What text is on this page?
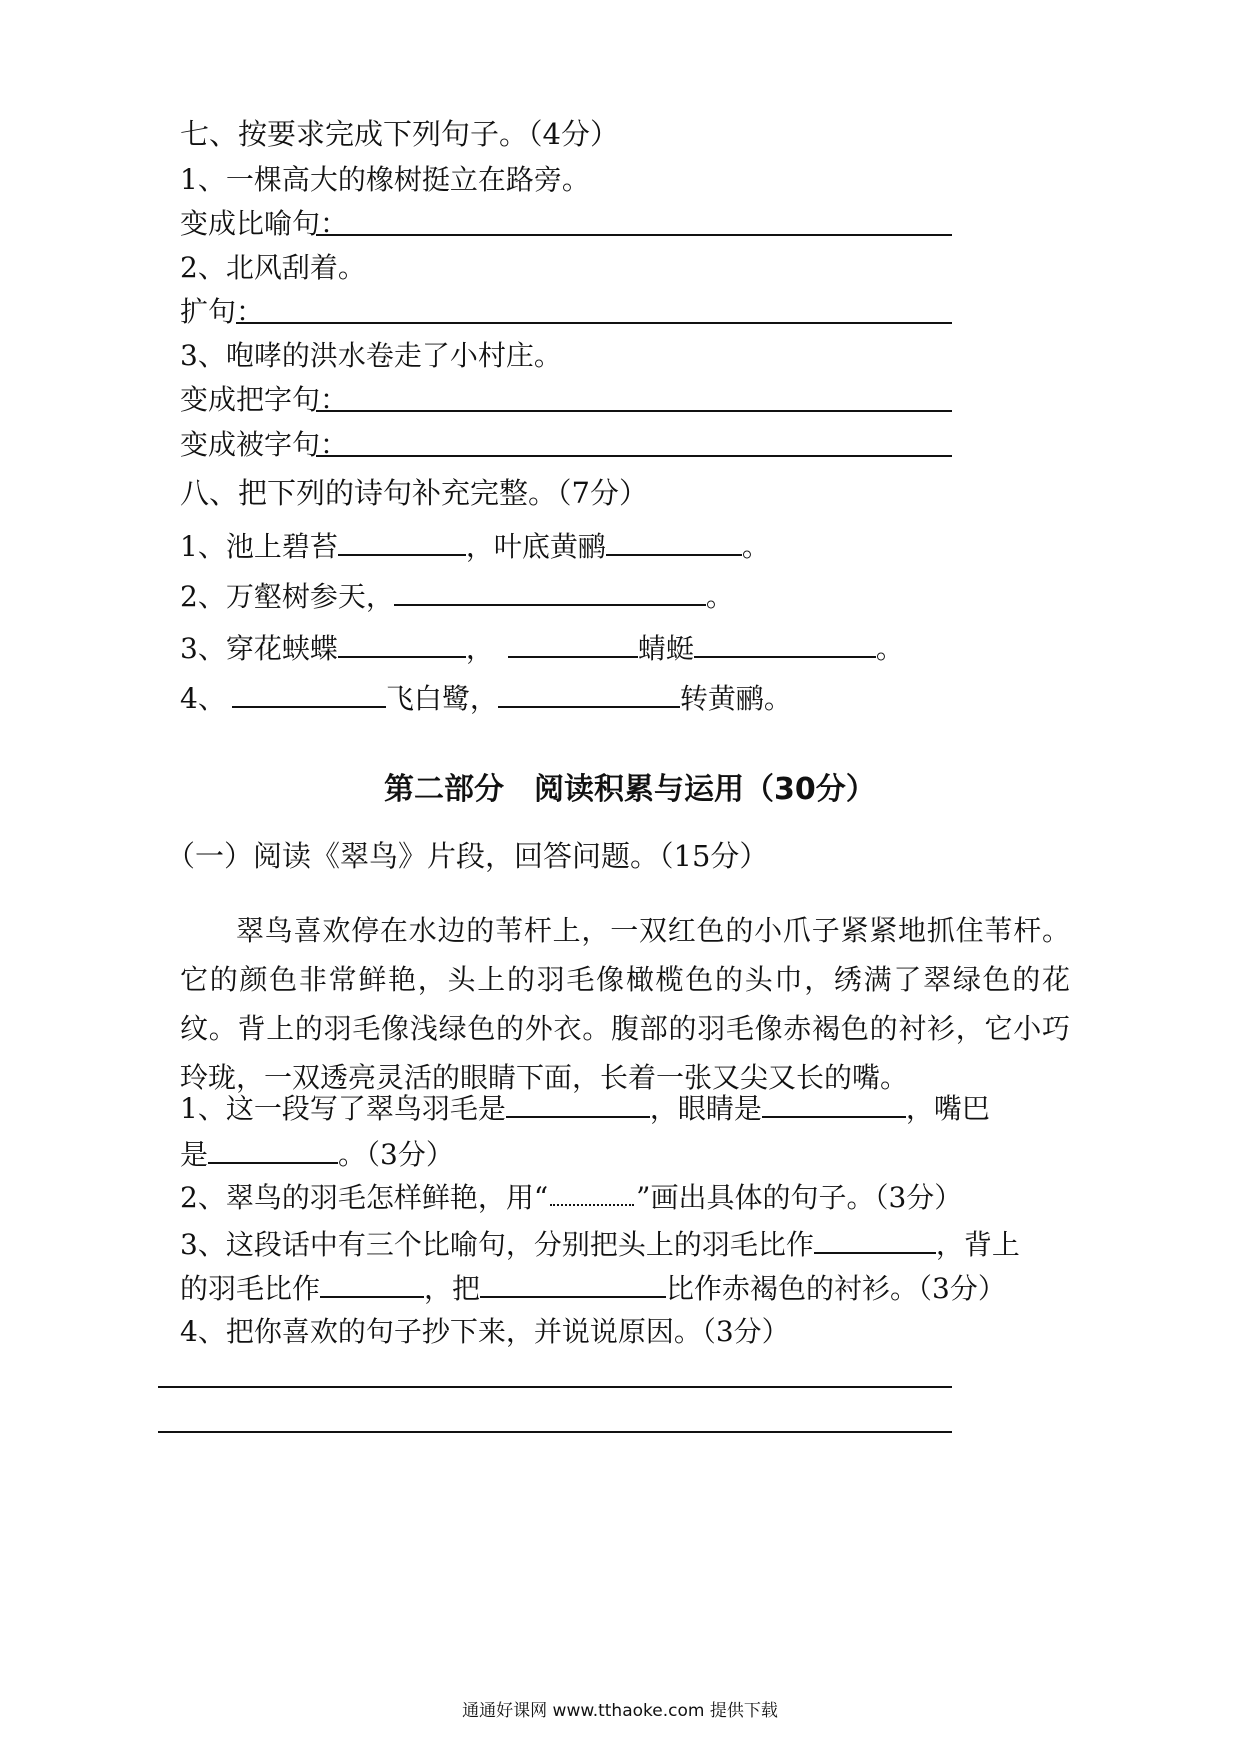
七、按要求完成下列句子。（4分）
1、一棵高大的橡树挺立在路旁。
变成比喻句：
2、北风刮着。
扩句：
3、咆哮的洪水卷走了小村庄。
变成把字句：
变成被字句：
八、把下列的诗句补充完整。（7分）
1、池上碧苔	，叶底黄鹂	。
2、万壑树参天，	。
3、穿花蛱蝶	，	蜻蜓	。
4、	飞白鹭，	转黄鹂。
第二部分　阅读积累与运用（30分）
（一）阅读《翠鸟》片段，回答问题。（15分）
翠鸟喜欢停在水边的苇杆上，一双红色的小爪子紧紧地抓住苇杆。它的颜色非常鲜艳，头上的羽毛像橄榄色的头巾，绣满了翠绿色的花纹。背上的羽毛像浅绿色的外衣。腹部的羽毛像赤褐色的衬衫，它小巧玲珑，一双透亮灵活的眼睛下面，长着一张又尖又长的嘴。
1、这一段写了翠鸟羽毛是	，眼睛是	，嘴巴
是	。（3分）
2、翠鸟的羽毛怎样鲜艳，用“	”画出具体的句子。（3分）
3、这段话中有三个比喻句，分别把头上的羽毛比作	，背上
的羽毛比作	，把	比作赤褐色的衬衫。（3分）
4、把你喜欢的句子抄下来，并说说原因。（3分）
通通好课网 www.tthaoke.com 提供下载
